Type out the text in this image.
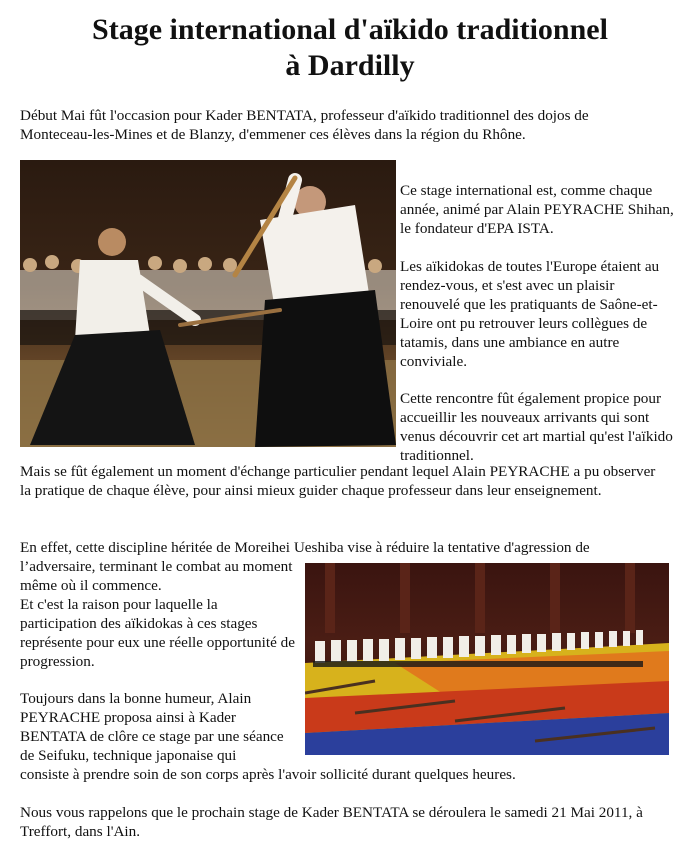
Stage international d'aïkido traditionnel
à Dardilly

Début Mai fût l'occasion pour Kader BENTATA, professeur d'aïkido traditionnel des dojos de Monteceau-les-Mines et de Blanzy, d'emmener ces élèves dans la région du Rhône.

Ce stage international est, comme chaque année, animé par Alain PEYRACHE Shihan, le fondateur d'EPA ISTA.

Les aïkidokas de toutes l'Europe étaient au rendez-vous, et s'est avec un plaisir renouvelé que les pratiquants de Saône-et-Loire ont pu retrouver leurs collègues de tatamis, dans une ambiance en autre conviviale.

Cette rencontre fût également propice pour accueillir les nouveaux arrivants qui sont venus découvrir cet art martial qu'est l'aïkido traditionnel.

Mais se fût également un moment d'échange particulier pendant lequel Alain PEYRACHE a pu observer la pratique de chaque élève, pour ainsi mieux guider chaque professeur dans leur enseignement.

En effet, cette discipline héritée de Moreihei Ueshiba vise à réduire la tentative d'agression de

l’adversaire, terminant le combat au moment même où il commence.

Et c'est la raison pour laquelle la participation des aïkidokas à ces stages représente pour eux une réelle opportunité de progression.

Toujours dans la bonne humeur, Alain PEYRACHE proposa ainsi à Kader BENTATA de clôre ce stage par une séance de Seifuku, technique japonaise qui

consiste à prendre soin de son corps après l'avoir sollicité durant quelques heures.

Nous vous rappelons que le prochain stage de Kader BENTATA se déroulera le samedi 21 Mai 2011, à Treffort, dans l'Ain.
